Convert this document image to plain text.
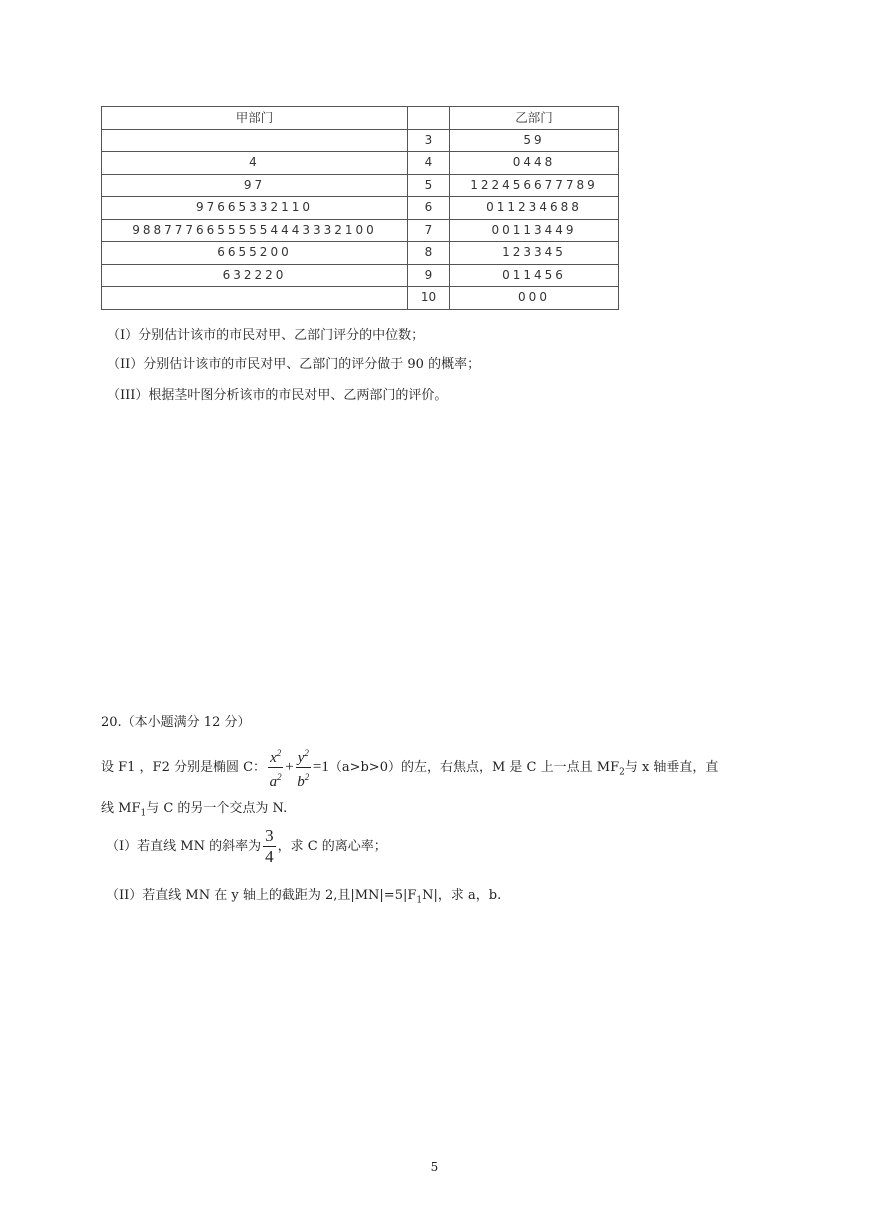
甲部门		乙部门
	3	59
4	4	0448
97	5	122456677789
97665332110	6	011234688
98877766555554443332100	7	00113449
6655200	8	123345
632220	9	011456
	10	000
（I）分别估计该市的市民对甲、乙部门评分的中位数；
（II）分别估计该市的市民对甲、乙部门的评分做于 90 的概率；
（III）根据茎叶图分析该市的市民对甲、乙两部门的评价。
20.（本小题满分 12 分）
设 F1 ，F2 分别是椭圆 C： $\frac{x^2}{a^2} + \frac{y^2}{b^2} =1(a>b>0)$的左，右焦点，M 是 C 上一点且 $MF_2$与 x 轴垂直，直
线 $MF_1$与 C 的另一个交点为 N.
（I）若直线 MN 的斜率为 $\frac{3}{4}$ ，求 C 的离心率；
（II）若直线 MN 在 y 轴上的截距为 2,且$|MN|=5|F_1N|$，求 a，b.
5
